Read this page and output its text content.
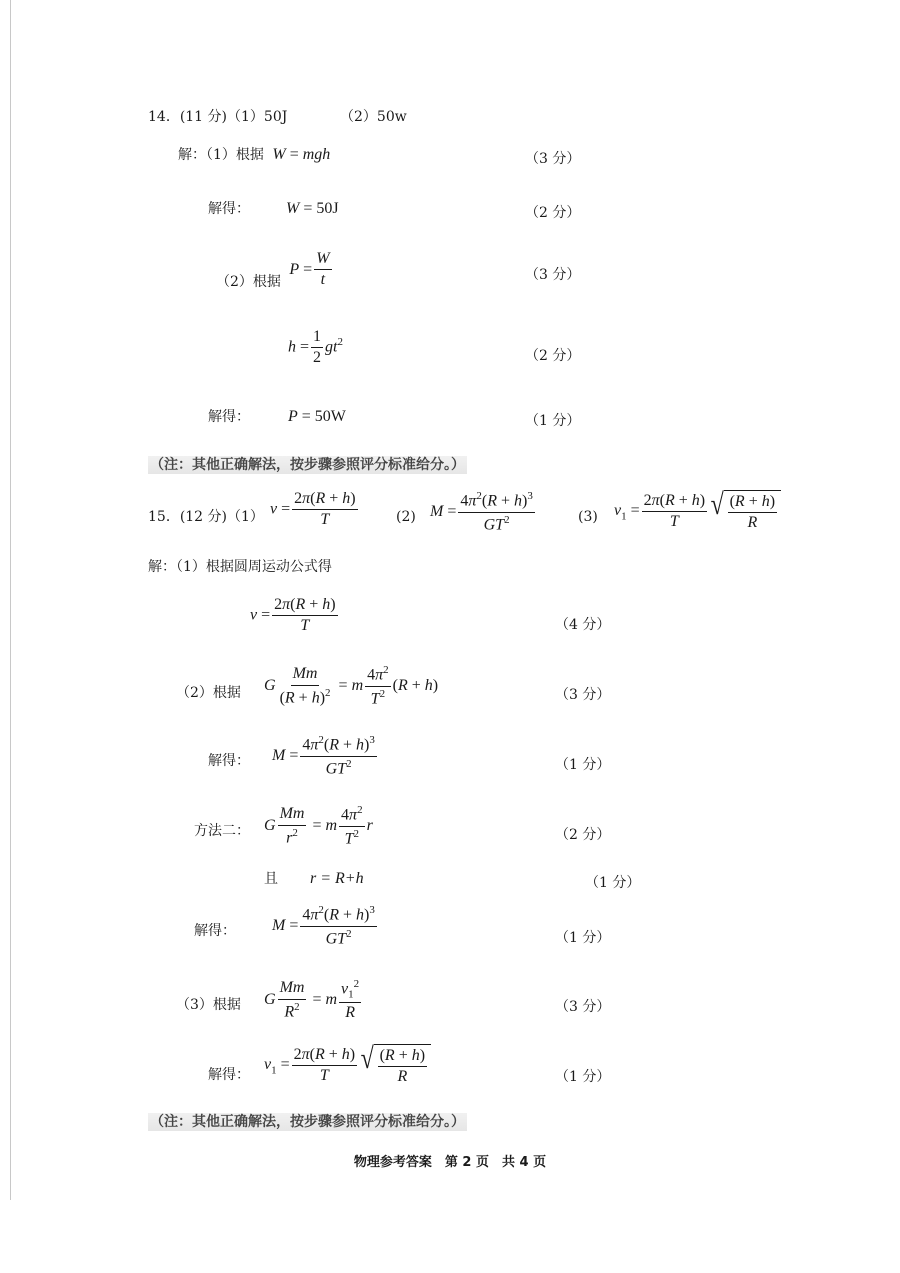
14．(11 分)（1）50J	（2）50w
解：（1）根据 W = mgh	（3 分）
解得： W = 50J	（2 分）
（2）根据  $P = \frac{W}{t}$	（3 分）
$h = \frac{1}{2} gt^2$
（2 分）
解得： P = 50W	（1 分）
（注：其他正确解法，按步骤参照评分标准给分。）
15．(12 分)（1） $v = \frac{2\pi(R + h)}{T}$	(2) $M = \frac{4\pi^2(R + h)^3}{GT^2}$	(3) $v_1 = \frac{2\pi(R + h)}{T}$ √ $\frac{(R + h)}{R}$
解：（1）根据圆周运动公式得
$v = \frac{2\pi(R + h)}{T}$	（4 分）
（2）根据 G $\frac{Mm}{(R + h)^2} = m \frac{4\pi^2}{T^2} (R + h)$
（3 分）
解得： $M = \frac{4\pi^2(R + h)^3}{GT^2}$	（1 分）
方法二： G $\frac{Mm}{r^2} = m \frac{4\pi^2}{T^2}$ r
（2 分）
且 r = R+h	（1 分）
解得： $M = \frac{4\pi^2(R + h)^3}{GT^2}$	（1 分）
（3）根据 G $\frac{Mm}{R^2} = m \frac{v_1^2}{R}$	（3 分）
解得：
$v_1 = \frac{2\pi(R + h)}{T}$ √ $\frac{(R + h)}{R}$	（1 分）
（注：其他正确解法，按步骤参照评分标准给分。）
物理参考答案　第 2 页　共 4 页
